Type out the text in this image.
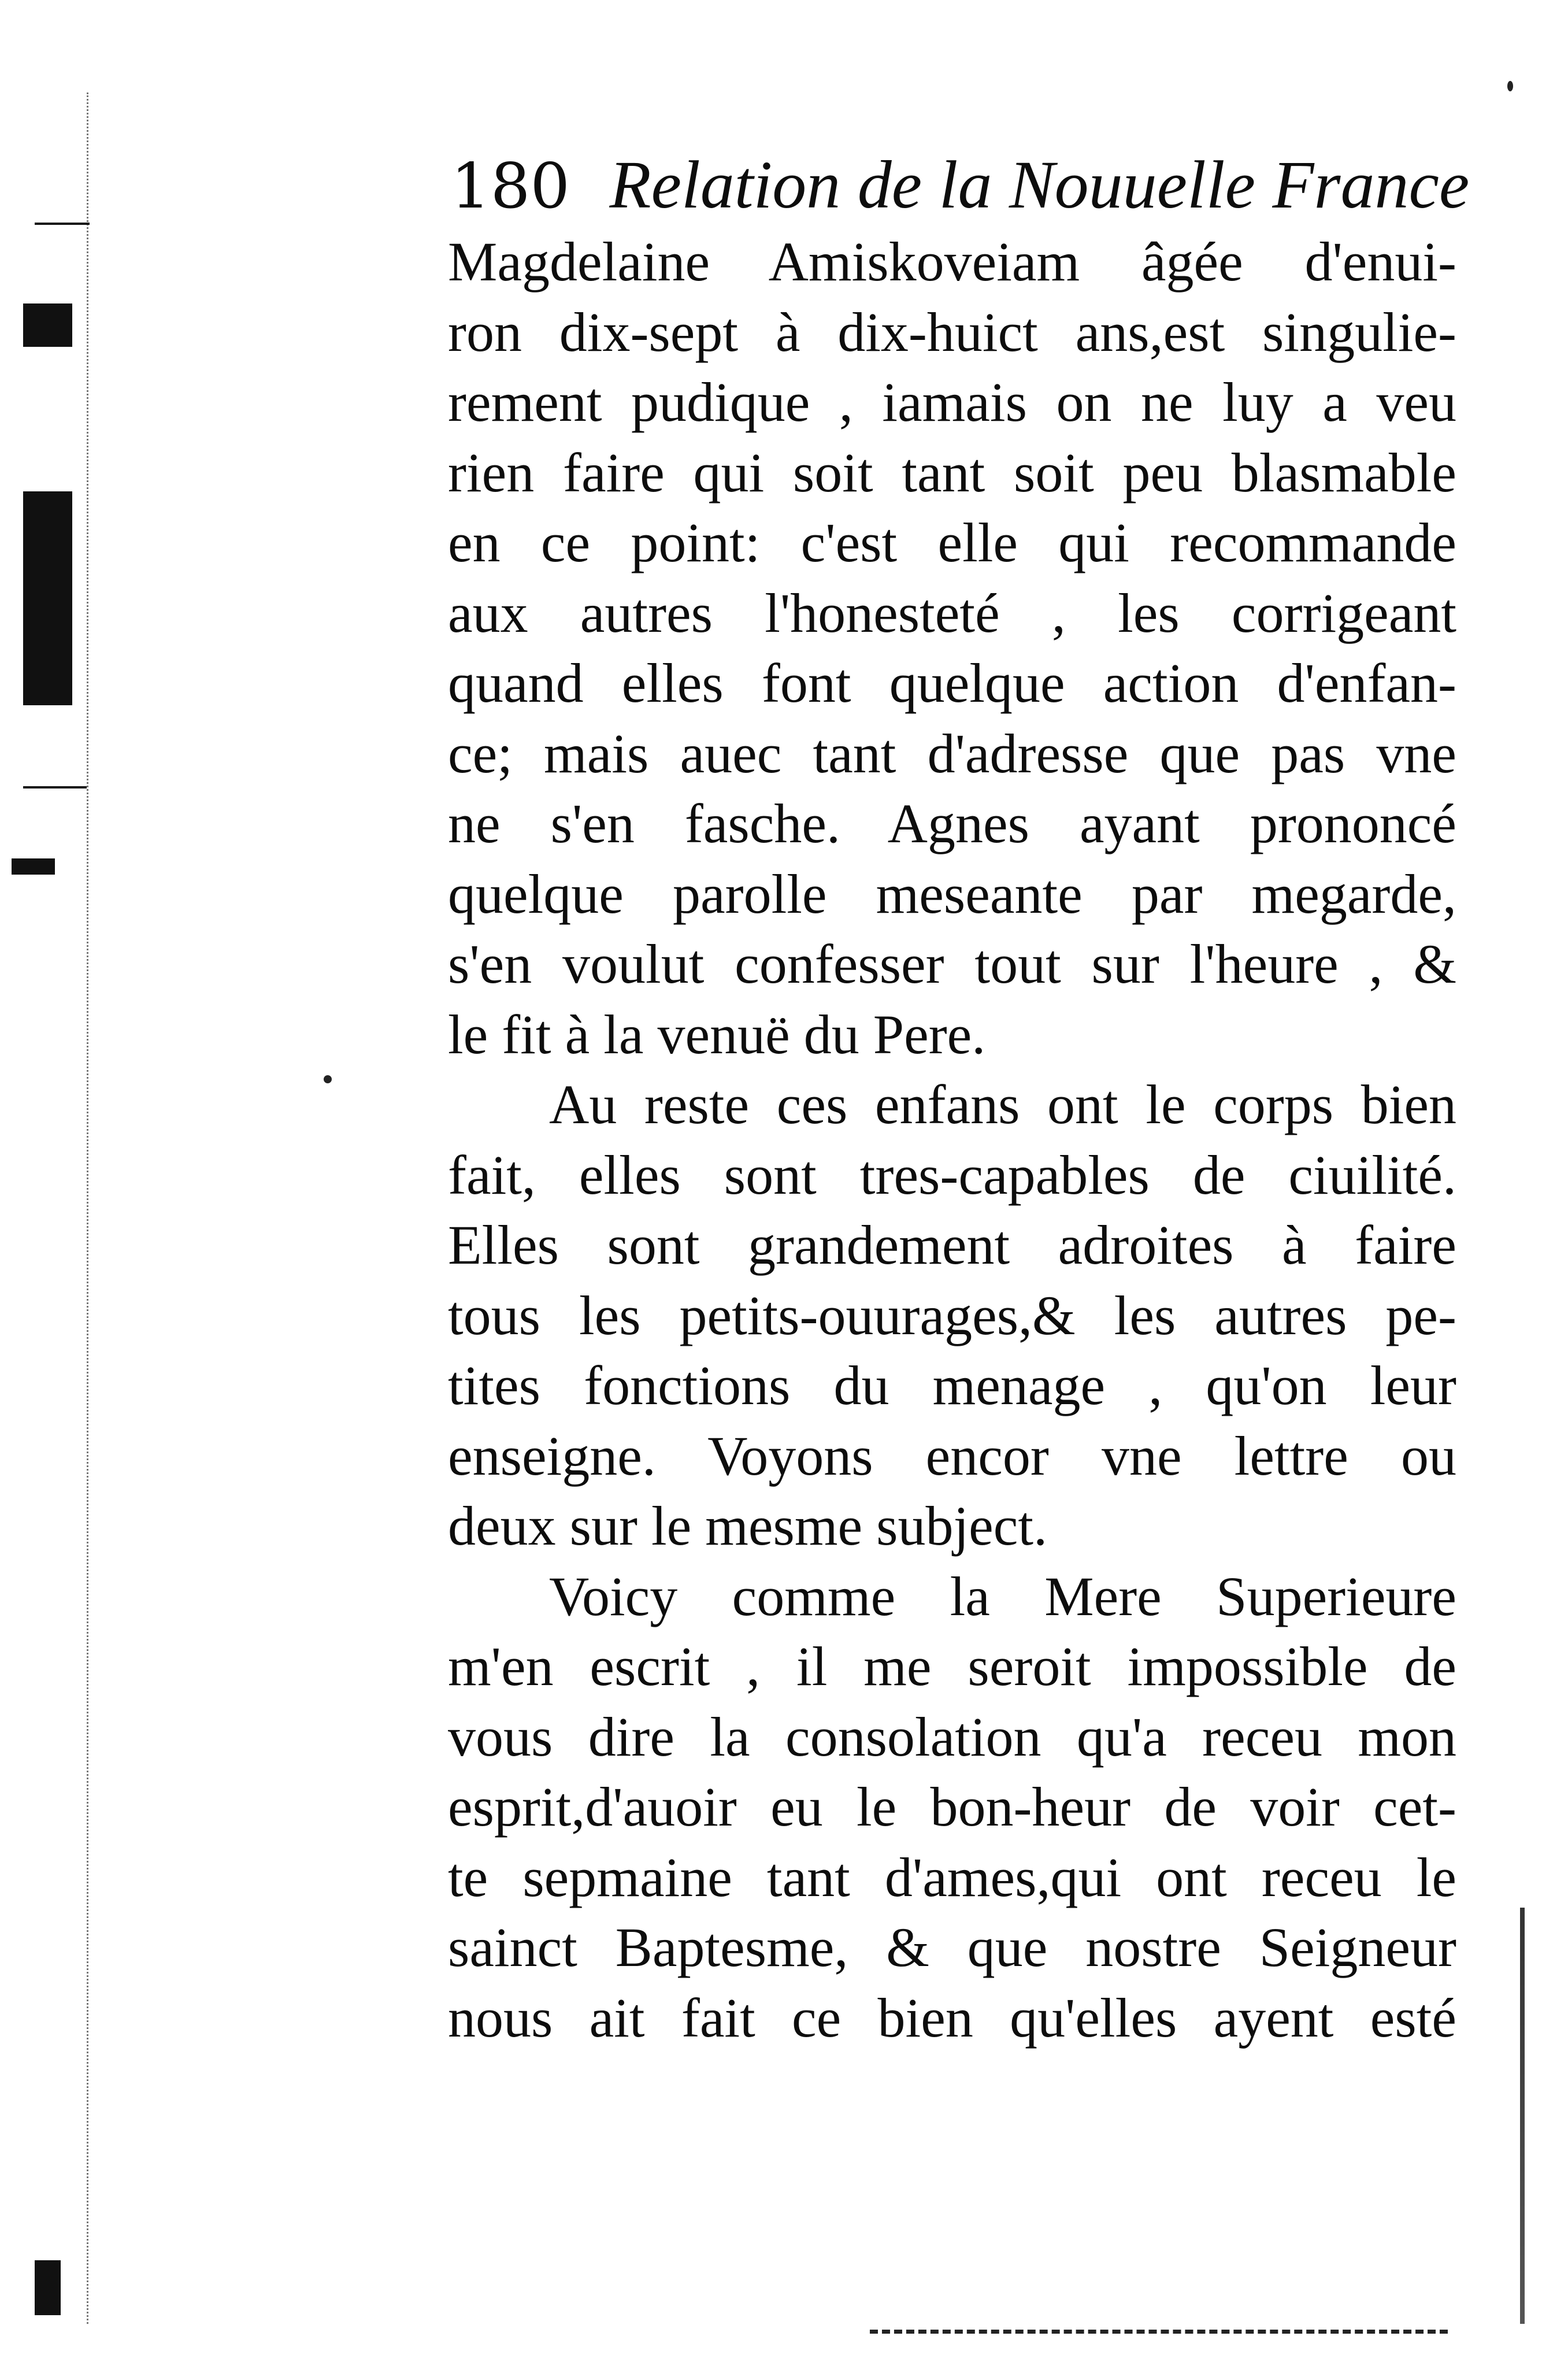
180 Relation de la Nouuelle France
Magdelaine Amiskoveiam âgée d'enui-
ron dix-sept à dix-huict ans,est singulie-
rement pudique , iamais on ne luy a veu
rien faire qui soit tant soit peu blasmable
en ce point: c'est elle qui recommande
aux autres l'honesteté , les corrigeant
quand elles font quelque action d'enfan-
ce; mais auec tant d'adresse que pas vne
ne s'en fasche. Agnes ayant prononcé
quelque parolle meseante par megarde,
s'en voulut confesser tout sur l'heure , &
le fit à la venuë du Pere.
Au reste ces enfans ont le corps bien
fait, elles sont tres-capables de ciuilité.
Elles sont grandement adroites à faire
tous les petits-ouurages,& les autres pe-
tites fonctions du menage , qu'on leur
enseigne. Voyons encor vne lettre ou
deux sur le mesme subject.
Voicy comme la Mere Superieure
m'en escrit , il me seroit impossible de
vous dire la consolation qu'a receu mon
esprit,d'auoir eu le bon-heur de voir cet-
te sepmaine tant d'ames,qui ont receu le
sainct Baptesme, & que nostre Seigneur
nous ait fait ce bien qu'elles ayent esté
